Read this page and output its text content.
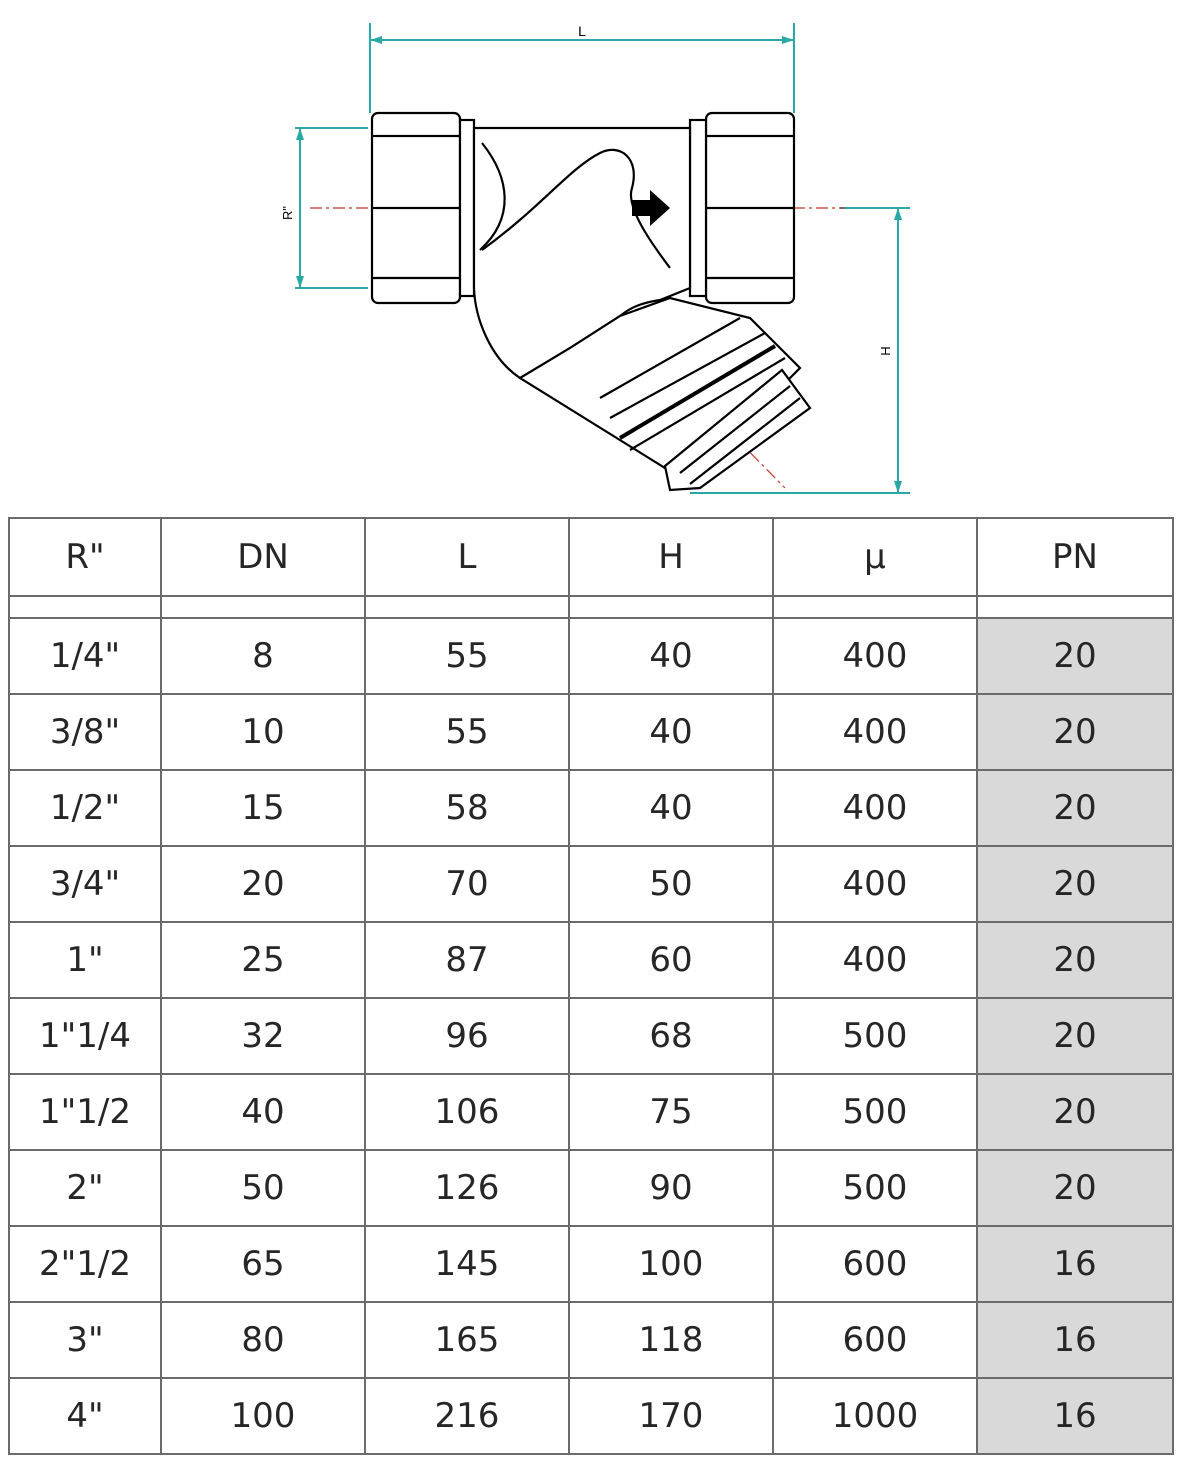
L
R"
H
R"	DN	L	H	µ	PN

1/4"	8	55	40	400	20
3/8"	10	55	40	400	20
1/2"	15	58	40	400	20
3/4"	20	70	50	400	20
1"	25	87	60	400	20
1"1/4	32	96	68	500	20
1"1/2	40	106	75	500	20
2"	50	126	90	500	20
2"1/2	65	145	100	600	16
3"	80	165	118	600	16
4"	100	216	170	1000	16
